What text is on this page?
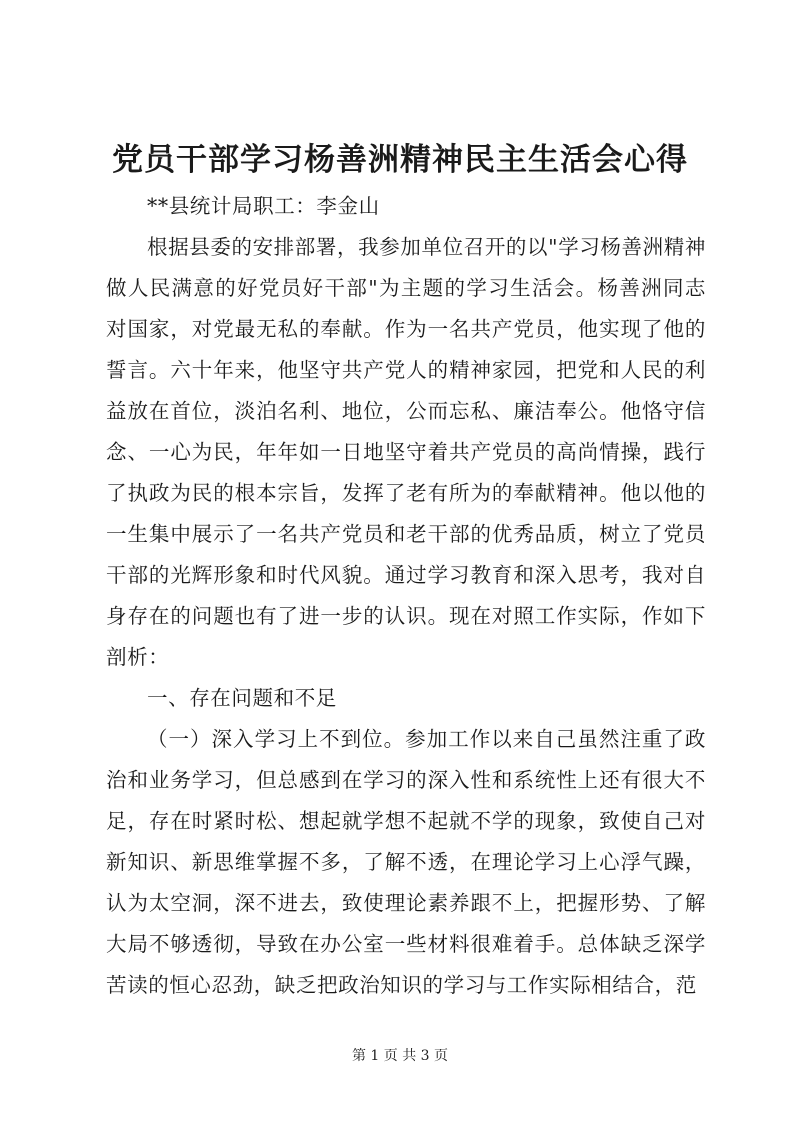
党员干部学习杨善洲精神民主生活会心得

**县统计局职工：李金山

根据县委的安排部署，我参加单位召开的以"学习杨善洲精神做人民满意的好党员好干部"为主题的学习生活会。杨善洲同志对国家，对党最无私的奉献。作为一名共产党员，他实现了他的誓言。六十年来，他坚守共产党人的精神家园，把党和人民的利益放在首位，淡泊名利、地位，公而忘私、廉洁奉公。他恪守信念、一心为民，年年如一日地坚守着共产党员的高尚情操，践行了执政为民的根本宗旨，发挥了老有所为的奉献精神。他以他的一生集中展示了一名共产党员和老干部的优秀品质，树立了党员干部的光辉形象和时代风貌。通过学习教育和深入思考，我对自身存在的问题也有了进一步的认识。现在对照工作实际，作如下剖析：

一、存在问题和不足

（一）深入学习上不到位。参加工作以来自己虽然注重了政治和业务学习，但总感到在学习的深入性和系统性上还有很大不足，存在时紧时松、想起就学想不起就不学的现象，致使自己对新知识、新思维掌握不多，了解不透，在理论学习上心浮气躁，认为太空洞，深不进去，致使理论素养跟不上，把握形势、了解大局不够透彻，导致在办公室一些材料很难着手。总体缺乏深学苦读的恒心忍劲，缺乏把政治知识的学习与工作实际相结合，范

第 1 页 共 3 页
